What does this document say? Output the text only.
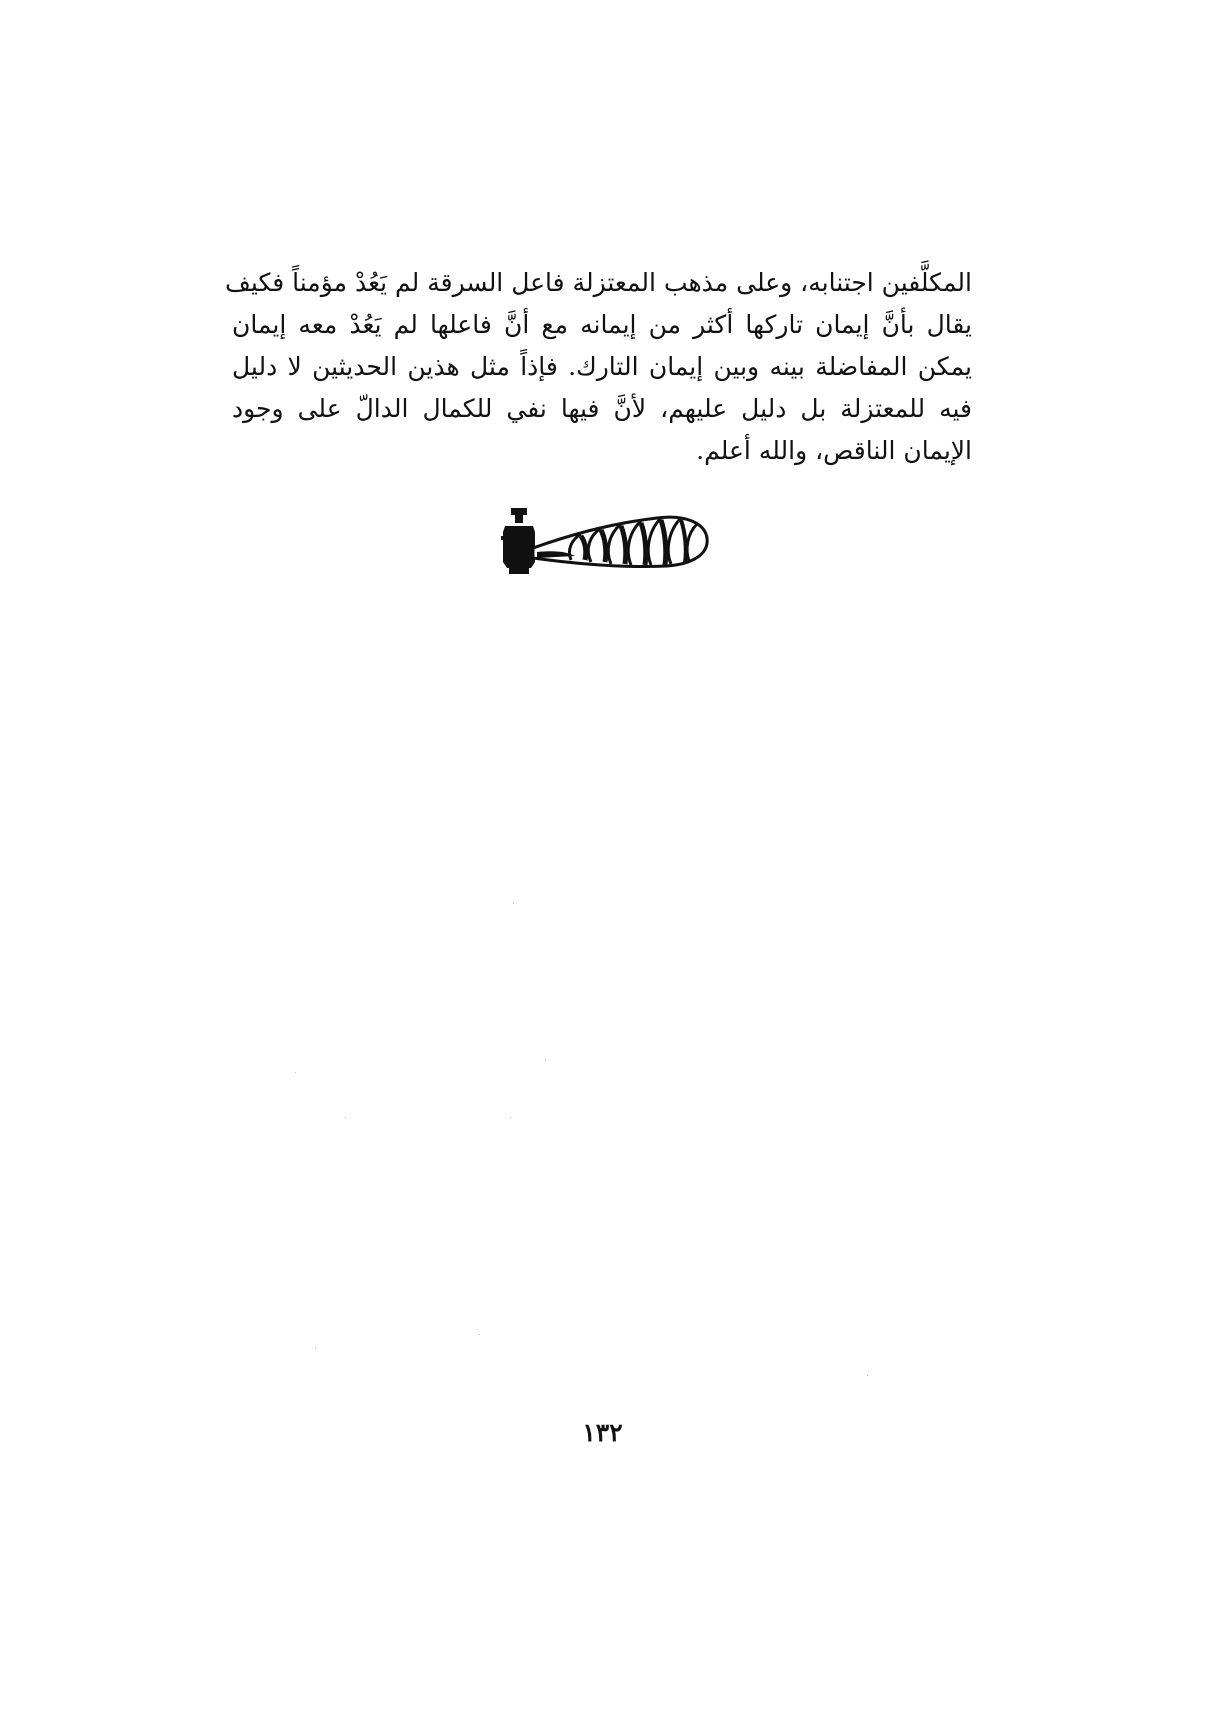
المكلَّفين اجتنابه، وعلى مذهب المعتزلة فاعل السرقة لم يَعُدْ مؤمناً فكيف
يقال بأنَّ إيمان تاركها أكثر من إيمانه مع أنَّ فاعلها لم يَعُدْ معه إيمان
يمكن المفاضلة بينه وبين إيمان التارك. فإذاً مثل هذين الحديثين لا دليل
فيه للمعتزلة بل دليل عليهم، لأنَّ فيها نفي للكمال الدالّ على وجود
الإيمان الناقص، والله أعلم.
١٣٢
